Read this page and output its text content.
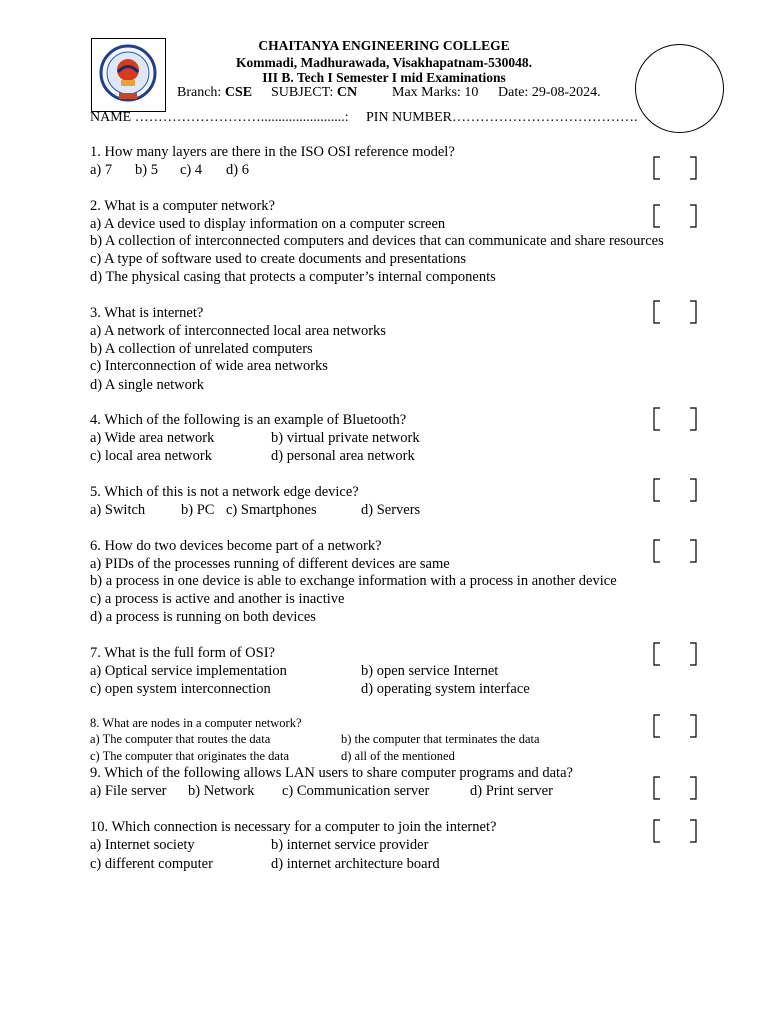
CHAITANYA ENGINEERING COLLEGE
Kommadi, Madhurawada, Visakhapatnam-530048.
III B. Tech I Semester I mid Examinations
Branch: CSE SUBJECT: CN Max Marks: 10 Date: 29-08-2024.
NAME ………………………........................: PIN NUMBER………………………………….
1. How many layers are there in the ISO OSI reference model?
a) 7 b) 5 c) 4 d) 6
2. What is a computer network?
a) A device used to display information on a computer screen
b) A collection of interconnected computers and devices that can communicate and share resources
c) A type of software used to create documents and presentations
d) The physical casing that protects a computer’s internal components
3. What is internet?
a) A network of interconnected local area networks
b) A collection of unrelated computers
c) Interconnection of wide area networks
d) A single network
4. Which of the following is an example of Bluetooth?
a) Wide area network	b) virtual private network
c) local area network	d) personal area network
5. Which of this is not a network edge device?
a) Switch b) PC c) Smartphones	d) Servers
6. How do two devices become part of a network?
a) PIDs of the processes running of different devices are same
b) a process in one device is able to exchange information with a process in another device
c) a process is active and another is inactive
d) a process is running on both devices
7. What is the full form of OSI?
a) Optical service implementation	b) open service Internet
c) open system interconnection	d) operating system interface
8. What are nodes in a computer network?
a) The computer that routes the data	b) the computer that terminates the data
c) The computer that originates the data	d) all of the mentioned
9. Which of the following allows LAN users to share computer programs and data?
a) File server b) Network c) Communication server	d) Print server
10. Which connection is necessary for a computer to join the internet?
a) Internet society	b) internet service provider
c) different computer	d) internet architecture board
